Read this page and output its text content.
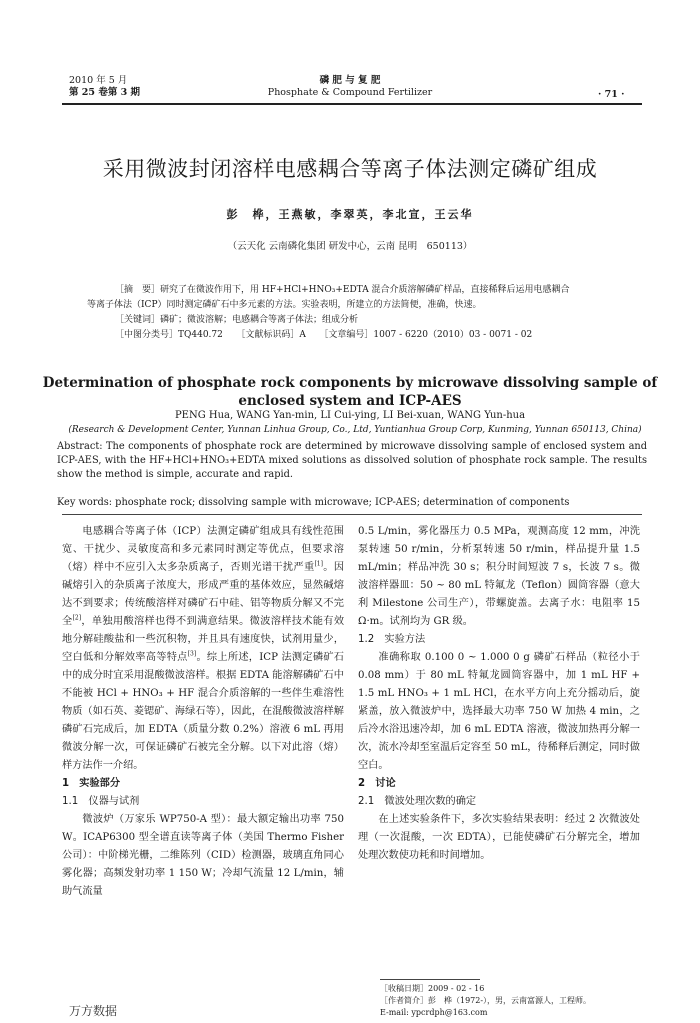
2010 年 5 月
第 25 卷第 3 期
磷 肥 与 复 肥
Phosphate & Compound Fertilizer	· 71 ·
采用微波封闭溶样电感耦合等离子体法测定磷矿组成
彭　桦，王燕敏，李翠英，李北宣，王云华
（云天化 云南磷化集团 研发中心，云南 昆明　650113）

［摘　要］研究了在微波作用下，用 HF+HCl+HNO₃+EDTA 混合介质溶解磷矿样品，直接稀释后运用电感耦合

等离子体法（ICP）同时测定磷矿石中多元素的方法。实验表明，所建立的方法简便，准确，快速。

［关键词］磷矿；微波溶解；电感耦合等离子体法；组成分析

［中图分类号］TQ440.72　　［文献标识码］A　　［文章编号］1007 - 6220（2010）03 - 0071 - 02

Determination of phosphate rock components by microwave dissolving sample of enclosed system and ICP-AES
PENG Hua, WANG Yan-min, LI Cui-ying, LI Bei-xuan, WANG Yun-hua
(Research & Development Center, Yunnan Linhua Group, Co., Ltd, Yuntianhua Group Corp, Kunming, Yunnan 650113, China)
Abstract: The components of phosphate rock are determined by microwave dissolving sample of enclosed system and ICP-AES, with the HF+HCl+HNO₃+EDTA mixed solutions as dissolved solution of phosphate rock sample. The results show the method is simple, accurate and rapid.
Key words: phosphate rock; dissolving sample with microwave; ICP-AES; determination of components

电感耦合等离子体（ICP）法测定磷矿组成具有线性范围宽、干扰少、灵敏度高和多元素同时测定等优点，但要求溶（熔）样中不应引入太多杂质离子，否则光谱干扰严重[1]。因碱熔引入的杂质离子浓度大，形成严重的基体效应，显然碱熔达不到要求；传统酸溶样对磷矿石中硅、铝等物质分解又不完全[2]，单独用酸溶样也得不到满意结果。微波溶样技术能有效地分解硅酸盐和一些沉积物，并且具有速度快，试剂用量少，空白低和分解效率高等特点[3]。综上所述，ICP 法测定磷矿石中的成分时宜采用混酸微波溶样。根据 EDTA 能溶解磷矿石中不能被 HCl + HNO₃ + HF 混合介质溶解的一些伴生难溶性物质（如石英、菱锶矿、海绿石等），因此，在混酸微波溶样解磷矿石完成后，加 EDTA（质量分数 0.2%）溶液 6 mL 再用微波分解一次，可保证磷矿石被完全分解。以下对此溶（熔）样方法作一介绍。

1　实验部分

1.1　仪器与试剂

微波炉（万家乐 WP750-A 型）：最大额定输出功率 750 W。ICAP6300 型全谱直读等离子体（美国 Thermo Fisher 公司）：中阶梯光栅，二维陈列（CID）检测器，玻璃直角同心雾化器；高频发射功率 1 150 W；冷却气流量 12 L/min，辅助气流量

0.5 L/min，雾化器压力 0.5 MPa，观测高度 12 mm，冲洗泵转速 50 r/min，分析泵转速 50 r/min，样品提升量 1.5 mL/min；样品冲洗 30 s；积分时间短波 7 s，长波 7 s。微波溶样器皿：50 ~ 80 mL 特氟龙（Teflon）圆筒容器（意大利 Milestone 公司生产），带螺旋盖。去离子水：电阻率 15 Ω·m。试剂均为 GR 级。

1.2　实验方法

准确称取 0.100 0 ~ 1.000 0 g 磷矿石样品（粒径小于 0.08 mm）于 80 mL 特氟龙圆筒容器中，加 1 mL HF + 1.5 mL HNO₃ + 1 mL HCl，在水平方向上充分摇动后，旋紧盖，放入微波炉中，选择最大功率 750 W 加热 4 min，之后冷水浴迅速冷却，加 6 mL EDTA 溶液，微波加热再分解一次，流水冷却至室温后定容至 50 mL，待稀释后测定，同时做空白。

2　讨论

2.1　微波处理次数的确定

在上述实验条件下，多次实验结果表明：经过 2 次微波处理（一次混酸，一次 EDTA），已能使磷矿石分解完全，增加处理次数使功耗和时间增加。

［收稿日期］2009 - 02 - 16
［作者简介］彭　桦（1972-），男，云南富源人，工程师。
E-mail: ypcrdph@163.com
万方数据
